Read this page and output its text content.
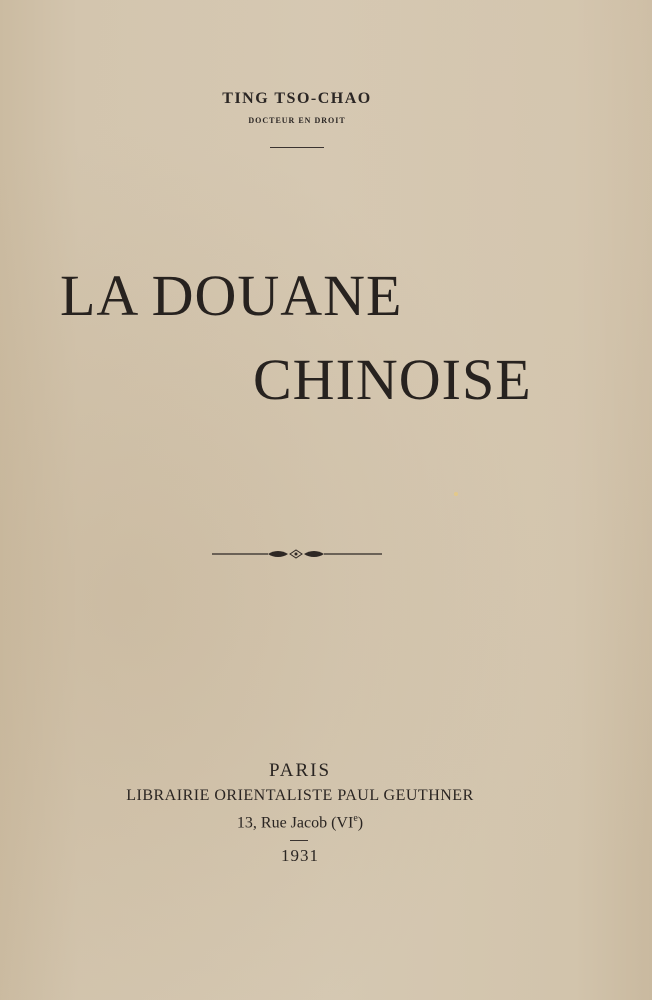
TING TSO-CHAO
DOCTEUR EN DROIT
LA DOUANE
CHINOISE
PARIS
LIBRAIRIE ORIENTALISTE PAUL GEUTHNER
13, Rue Jacob (VIe)
1931
